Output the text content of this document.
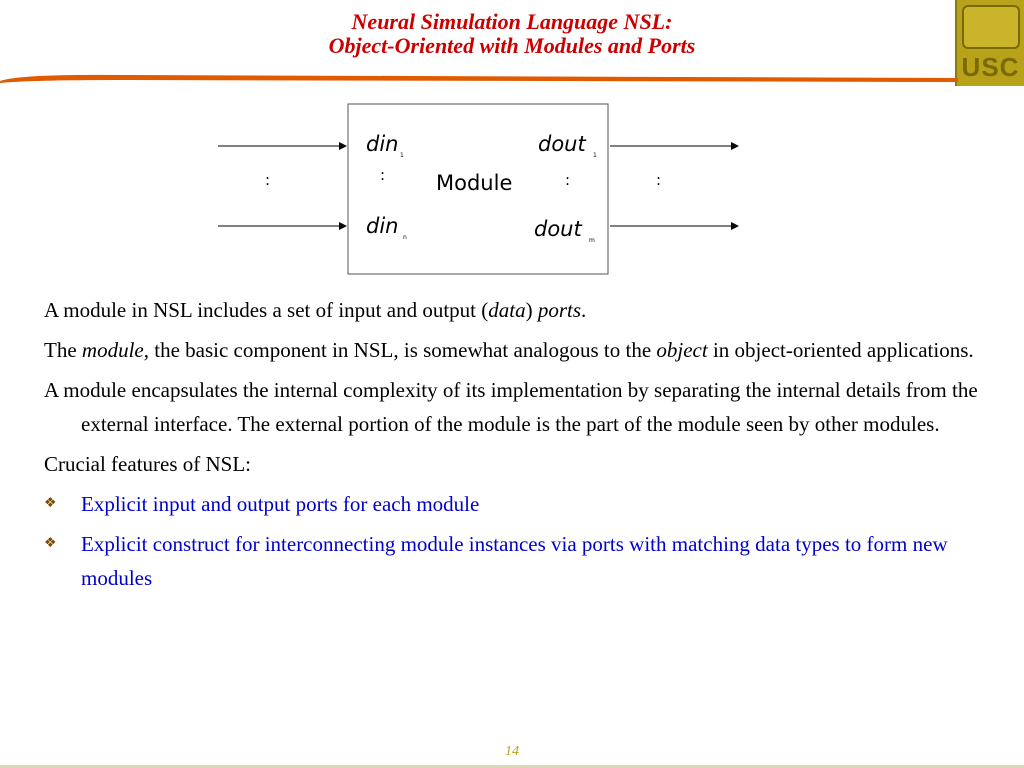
Neural Simulation Language NSL:
Object-Oriented with Modules and Ports
USC
din 1
din n
dout 1
dout m
Module
:	:	:	:
A module in NSL includes a set of input and output (data) ports.
The module, the basic component in NSL, is somewhat analogous to the object in object-oriented applications.
A module encapsulates the internal complexity of its implementation by separating the internal details from the external interface. The external portion of the module is the part of the module seen by other modules.
Crucial features of NSL:
❖ Explicit input and output ports for each module
❖ Explicit construct for interconnecting module instances via ports with matching data types to form new modules
14
